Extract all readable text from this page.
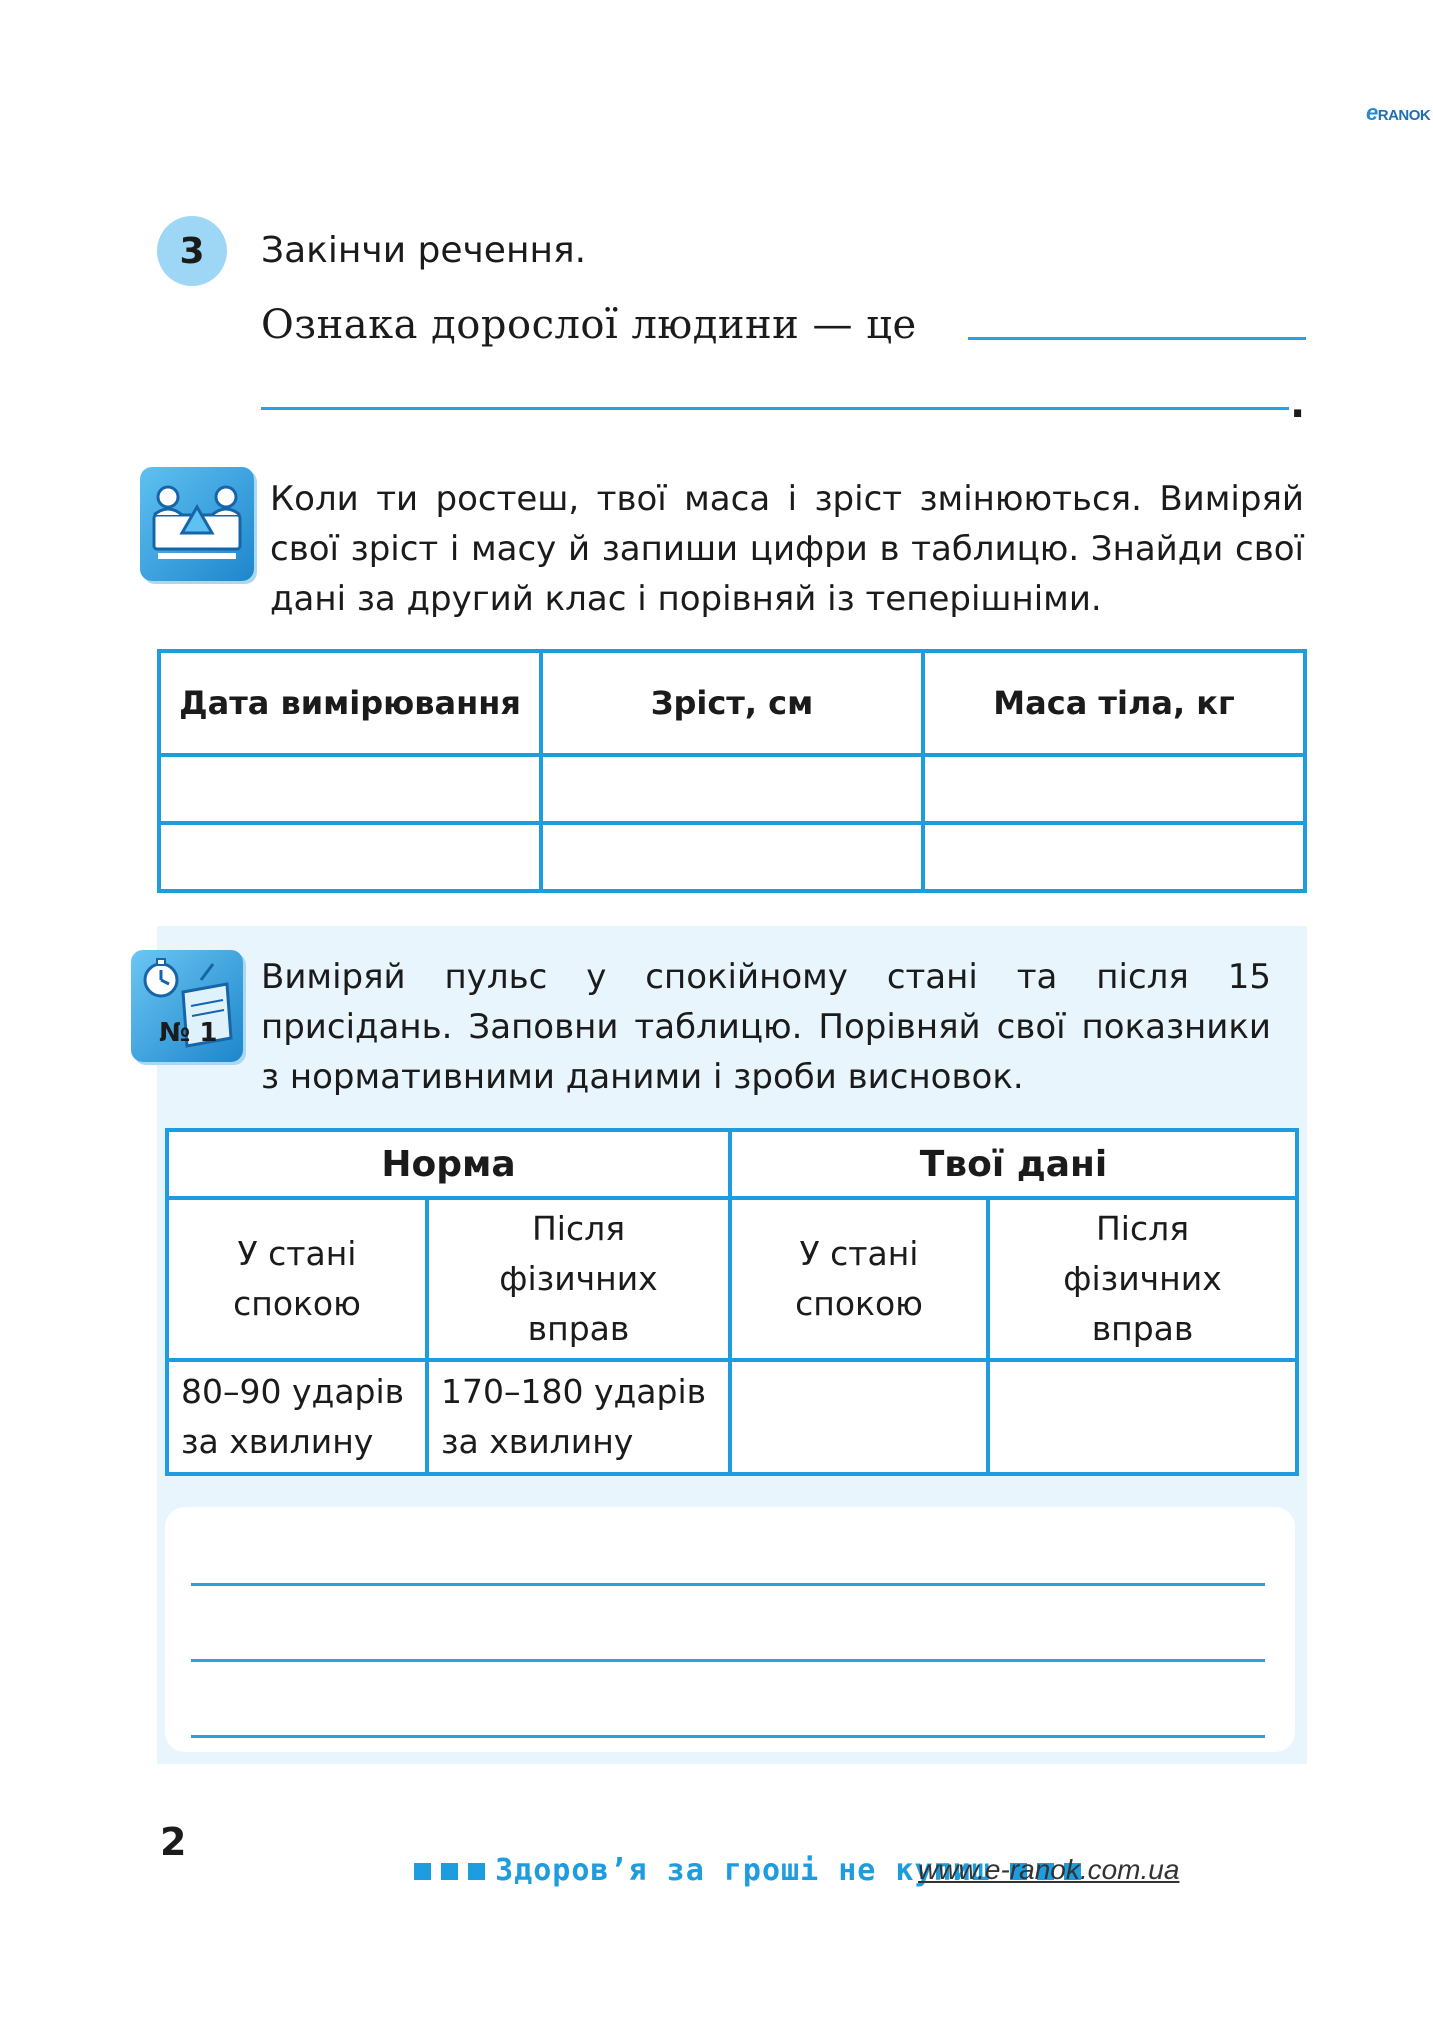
eRANOK
3	Закінчи речення.
Ознака дорослої людини — це
.
Коли ти ростеш, твої маса і зріст змінюються. Виміряй свої зріст і масу й запиши цифри в таблицю. Знайди свої дані за другий клас і порівняй із теперішніми.
Дата вимірювання	Зріст, см	Маса тіла, кг

№ 1
Виміряй пульс у спокійному стані та після 15 присідань. Заповни таблицю. Порівняй свої показники з нормативними даними і зроби висновок.
Норма		Твої дані	
У стані спокою	Після фізичних вправ	У стані спокою	Після фізичних вправ
80–90 ударів за хвилину	170–180 ударів за хвилину		
2

Здоров’я за гроші не купиш

www.e-ranok.com.ua
